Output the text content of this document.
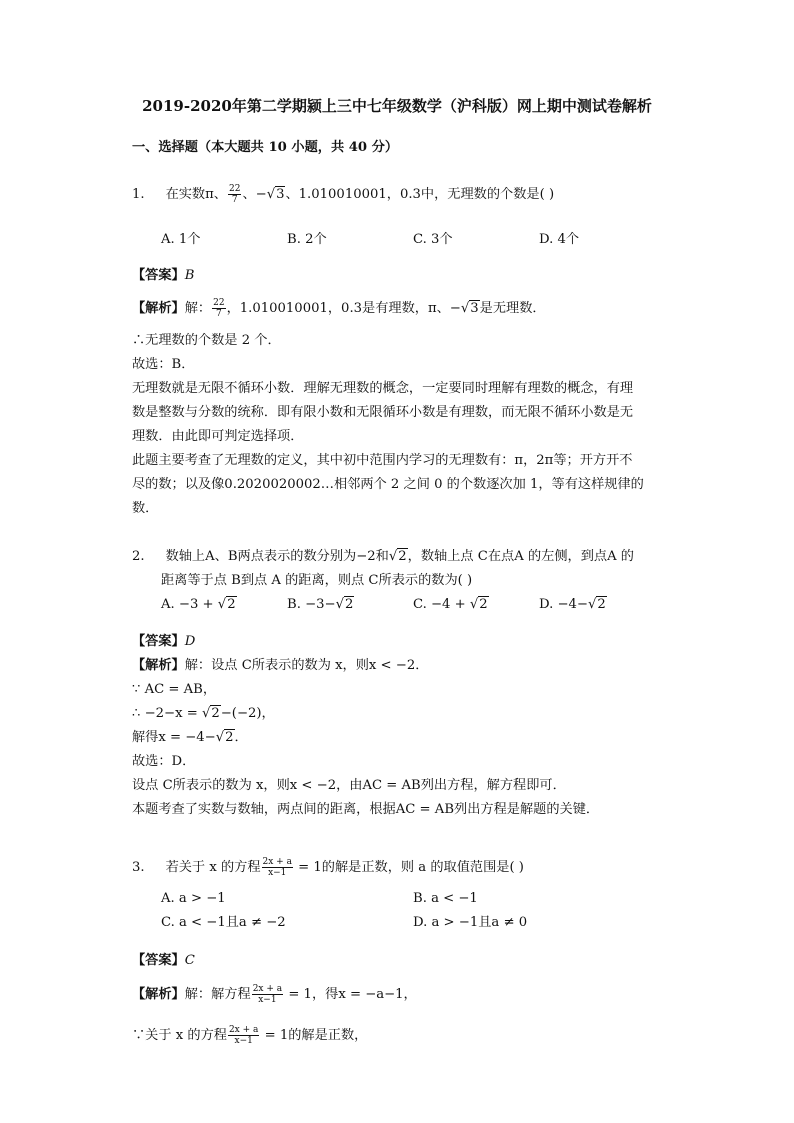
2019-2020年第二学期颍上三中七年级数学（沪科版）网上期中测试卷解析
一、选择题（本大题共 10 小题，共 40 分）
1. 在实数π、 $\frac{22}{7}$ 、−√3、1.010010001，0.3中，无理数的个数是( )
A. 1个	B. 2个	C. 3个	D. 4个
【答案】B
【解析】解： $\frac{22}{7}$ ，1.010010001，0.3是有理数，π、−√3是无理数．
∴无理数的个数是 2 个．
故选：B．
无理数就是无限不循环小数．理解无理数的概念，一定要同时理解有理数的概念，有理
数是整数与分数的统称．即有限小数和无限循环小数是有理数，而无限不循环小数是无
理数．由此即可判定选择项．
此题主要考查了无理数的定义，其中初中范围内学习的无理数有：π，2π等；开方开不
尽的数；以及像0.2020020002…相邻两个 2 之间 0 的个数逐次加 1，等有这样规律的
数．
2. 数轴上A、B两点表示的数分别为−2和√2，数轴上点 C在点A 的左侧，到点A 的
距离等于点 B到点 A 的距离，则点 C所表示的数为( )
A. −3 + √2	B. −3−√2	C. −4 + √2	D. −4−√2
【答案】D
【解析】解：设点 C所表示的数为 x，则x < −2．
∵ AC = AB，
∴ −2−x = √2−(−2)，
解得x = −4−√2．
故选：D．
设点 C所表示的数为 x，则x < −2，由AC = AB列出方程，解方程即可．
本题考查了实数与数轴，两点间的距离，根据AC = AB列出方程是解题的关键．
3. 若关于 x 的方程 $\frac{2x + a}{x-1} = 1$的解是正数，则 a 的取值范围是( )
A. a > −1	B. a < −1
C. a < −1且a ≠ −2	D. a > −1且a ≠ 0
【答案】C
【解析】解：解方程 $\frac{2x + a}{x-1} = 1$，得x = −a−1，
∵关于 x 的方程 $\frac{2x + a}{x-1} = 1$的解是正数，
